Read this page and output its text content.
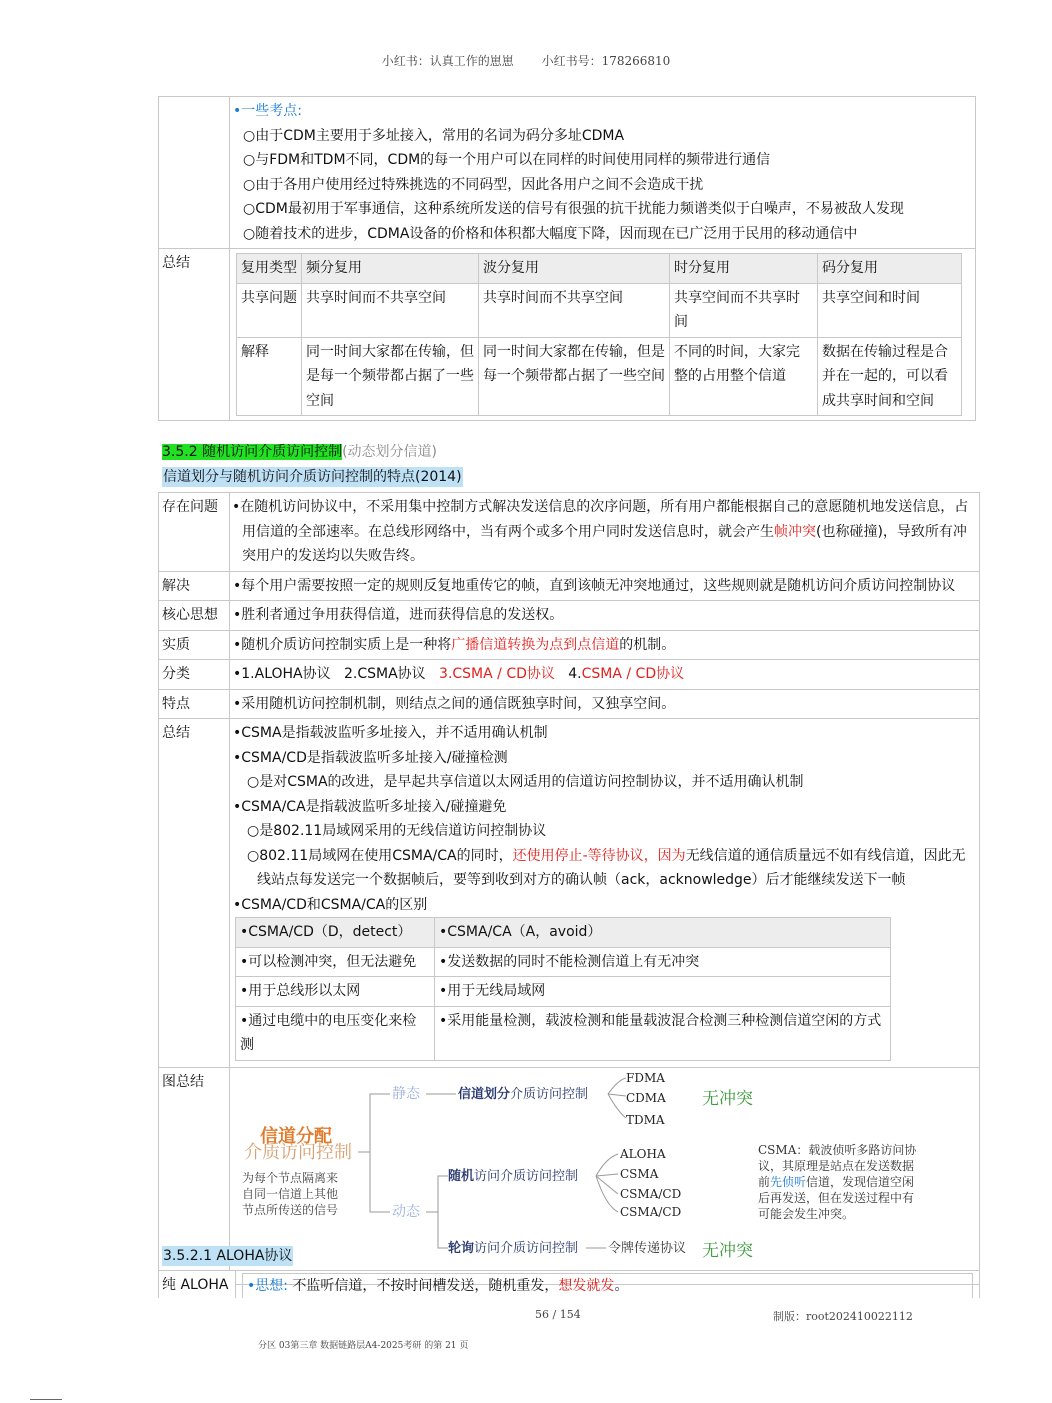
小红书：认真工作的崽崽 小红书号：178266810

•一些考点:
○由于CDM主要用于多址接入，常用的名词为码分多址CDMA
○与FDM和TDM不同，CDM的每一个用户可以在同样的时间使用同样的频带进行通信
○由于各用户使用经过特殊挑选的不同码型，因此各用户之间不会造成干扰
○CDM最初用于军事通信，这种系统所发送的信号有很强的抗干扰能力频谱类似于白噪声，不易被敌人发现
○随着技术的进步，CDMA设备的价格和体积都大幅度下降，因而现在已广泛用于民用的移动通信中

总结		复用类型	频分复用	波分复用	时分复用	码分复用
共享问题	共享时间而不共享空间	共享时间而不共享空间	共享空间而不共享时间	共享空间和时间
解释	同一时间大家都在传输，但是每一个频带都占据了一些空间	同一时间大家都在传输，但是每一个频带都占据了一些空间	不同的时间，大家完整的占用整个信道	数据在传输过程是合并在一起的，可以看成共享时间和空间
3.5.2 随机访问介质访问控制(动态划分信道)
信道划分与随机访问介质访问控制的特点(2014)
存在问题	•在随机访问协议中，不采用集中控制方式解决发送信息的次序问题，所有用户都能根据自己的意愿随机地发送信息，占用信道的全部速率。在总线形网络中，当有两个或多个用户同时发送信息时，就会产生帧冲突(也称碰撞)，导致所有冲突用户的发送均以失败告终。
解决	•每个用户需要按照一定的规则反复地重传它的帧，直到该帧无冲突地通过，这些规则就是随机访问介质访问控制协议
核心思想	•胜利者通过争用获得信道，进而获得信息的发送权。
实质	•随机介质访问控制实质上是一种将广播信道转换为点到点信道的机制。
分类	•1.ALOHA协议 2.CSMA协议 3.CSMA / CD协议 4.CSMA / CD协议
特点	•采用随机访问控制机制，则结点之间的通信既独享时间，又独享空间。
总结	•CSMA是指载波监听多址接入，并不适用确认机制
•CSMA/CD是指载波监听多址接入/碰撞检测
○是对CSMA的改进，是早起共享信道以太网适用的信道访问控制协议，并不适用确认机制
•CSMA/CA是指载波监听多址接入/碰撞避免
○是802.11局域网采用的无线信道访问控制协议
○802.11局域网在使用CSMA/CA的同时，还使用停止-等待协议，因为无线信道的通信质量远不如有线信道，因此无线站点每发送完一个数据帧后，要等到收到对方的确认帧（ack，acknowledge）后才能继续发送下一帧
•CSMA/CD和CSMA/CA的区别
•CSMA/CD（D，detect）	•CSMA/CA（A，avoid）
•可以检测冲突，但无法避免	•发送数据的同时不能检测信道上有无冲突
•用于总线形以太网	•用于无线局域网
•通过电缆中的电压变化来检测	•采用能量检测，载波检测和能量载波混合检测三种检测信道空闲的方式

图总结	
信道分配
介质访问控制
为每个节点隔离来
自同一信道上其他
节点所传送的信号
静态
动态
信道划分介质访问控制
FDMA
CDMA
TDMA
无冲突
随机访问介质访问控制
ALOHA
CSMA
CSMA/CD
CSMA/CD
轮询访问介质访问控制 令牌传递协议 无冲突
CSMA：载波侦听多路访问协
议，其原理是站点在发送数据
前先侦听信道，发现信道空闲
后再发送，但在发送过程中有
可能会发生冲突。
3.5.2.1 ALOHA协议
纯 ALOHA	•思想: 不监听信道，不按时间槽发送，随机重发，想发就发。
56 / 154	制版：root202410022112
分区 03第三章 数据链路层A4-2025考研 的第 21 页
